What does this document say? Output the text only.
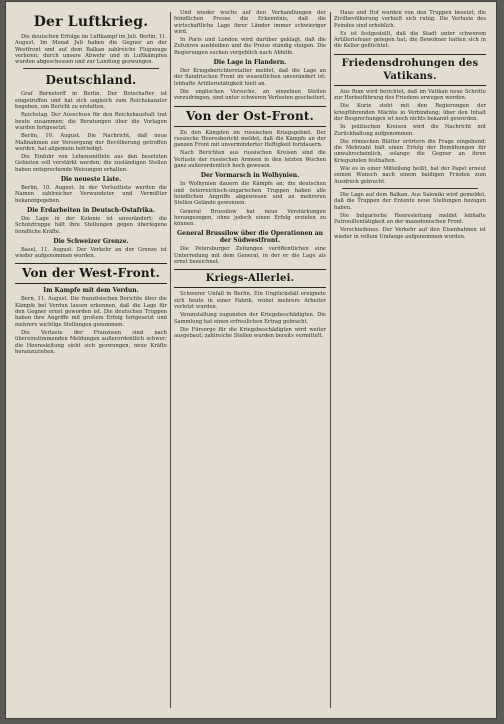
Der Luftkrieg.

Die deutschen Erfolge im Luftkampf im Juli. Berlin, 11. August. Im Monat Juli haben die Gegner an der Westfront und auf dem Balkan zahlreiche Flugzeuge verloren; durch unsere Abwehr und in Luftkämpfen wurden abgeschossen und zur Landung gezwungen.

Deutschland.

Graf Bernstorff in Berlin. Der Botschafter ist eingetroffen und hat sich sogleich zum Reichskanzler begeben, um Bericht zu erstatten.

Reichstag. Der Ausschuss für den Reichshaushalt trat heute zusammen; die Beratungen über die Vorlagen wurden fortgesetzt.

Berlin, 10. August. Die Nachricht, daß neue Maßnahmen zur Versorgung der Bevölkerung getroffen werden, hat allgemein befriedigt.

Die Einfuhr von Lebensmitteln aus den besetzten Gebieten soll verstärkt werden; die zuständigen Stellen haben entsprechende Weisungen erhalten.

Die neueste Liste.

Berlin, 10. August. In der Verlustliste werden die Namen zahlreicher Verwundeter und Vermißter bekanntgegeben.

Die Erdarbeiten in Deutsch-Ostafrika.

Die Lage in der Kolonie ist unverändert; die Schutztruppe hält ihre Stellungen gegen überlegene feindliche Kräfte.

Die Schweizer Grenze.

Basel, 11. August. Der Verkehr an der Grenze ist wieder aufgenommen worden.

Von der West-Front.
Im Kampfe mit dem Verdun.

Bern, 11. August. Die französischen Berichte über die Kämpfe bei Verdun lassen erkennen, daß die Lage für den Gegner ernst geworden ist. Die deutschen Truppen haben ihre Angriffe mit großem Erfolg fortgesetzt und mehrere wichtige Stellungen genommen.

Die Verluste der Franzosen sind nach übereinstimmenden Meldungen außerordentlich schwer; die Heeresleitung sieht sich gezwungen, neue Kräfte heranzuziehen.

Und wieder wuchs auf den Verhandlungen der feindlichen Presse die Erkenntnis, daß die wirtschaftliche Lage ihrer Länder immer schwieriger wird.

In Paris und London wird darüber geklagt, daß die Zufuhren ausbleiben und die Preise ständig steigen. Die Regierungen suchen vergeblich nach Abhilfe.

Die Lage in Flandern.

Der Kriegsberichterstatter meldet, daß die Lage an der flandrischen Front im wesentlichen unverändert ist; lebhafte Artillerietätigkeit hielt an.

Die englischen Versuche, an einzelnen Stellen vorzudringen, sind unter schweren Verlusten gescheitert.

Von der Ost-Front.

Zu den Kämpfen im russischen Kriegsgebiet. Der russische Heeresbericht meldet, daß die Kämpfe an der ganzen Front mit unverminderter Heftigkeit fortdauern.

Nach Berichten aus russischen Kreisen sind die Verluste der russischen Armeen in den letzten Wochen ganz außerordentlich hoch gewesen.

Der Vormarsch in Wolhynien.

In Wolhynien dauern die Kämpfe an; die deutschen und österreichisch-ungarischen Truppen haben alle feindlichen Angriffe abgewiesen und an mehreren Stellen Gelände gewonnen.

General Brussilow hat neue Verstärkungen herangezogen, ohne jedoch einen Erfolg erzielen zu können.

General Brussilow über die Operationen an der Südwestfront.

Die Petersburger Zeitungen veröffentlichen eine Unterredung mit dem General, in der er die Lage als ernst bezeichnet.

Kriegs-Allerlei.

Schwerer Unfall in Berlin. Ein Unglücksfall ereignete sich heute in einer Fabrik, wobei mehrere Arbeiter verletzt wurden.

Veranstaltung zugunsten der Kriegsbeschädigten. Die Sammlung hat einen erfreulichen Ertrag gebracht.

Die Fürsorge für die Kriegsbeschädigten wird weiter ausgebaut; zahlreiche Stellen wurden bereits vermittelt.

Haus und Hof wurden von den Truppen besetzt, die Zivilbevölkerung verhielt sich ruhig. Die Verluste des Feindes sind erheblich.

Es ist festgestellt, daß die Stadt unter schwerem Artilleriefeuer gelegen hat; die Bewohner hatten sich in die Keller geflüchtet.

Friedensdrohungen des Vatikans.

Aus Rom wird berichtet, daß im Vatikan neue Schritte zur Herbeiführung des Friedens erwogen werden.

Die Kurie steht mit den Regierungen der kriegführenden Mächte in Verbindung; über den Inhalt der Besprechungen ist noch nichts bekannt geworden.

In politischen Kreisen wird die Nachricht mit Zurückhaltung aufgenommen.

Die römischen Blätter erörtern die Frage eingehend; die Mehrzahl hält einen Erfolg der Bemühungen für unwahrscheinlich, solange die Gegner an ihren Kriegszielen festhalten.

Wie es in einer Mitteilung heißt, hat der Papst erneut seinen Wunsch nach einem baldigen Frieden zum Ausdruck gebracht.

Die Lage auf dem Balkan. Aus Saloniki wird gemeldet, daß die Truppen der Entente neue Stellungen bezogen haben.

Die bulgarische Heeresleitung meldet lebhafte Patrouillentätigkeit an der mazedonischen Front.

Verschiedenes. Der Verkehr auf den Eisenbahnen ist wieder in vollem Umfange aufgenommen worden.
